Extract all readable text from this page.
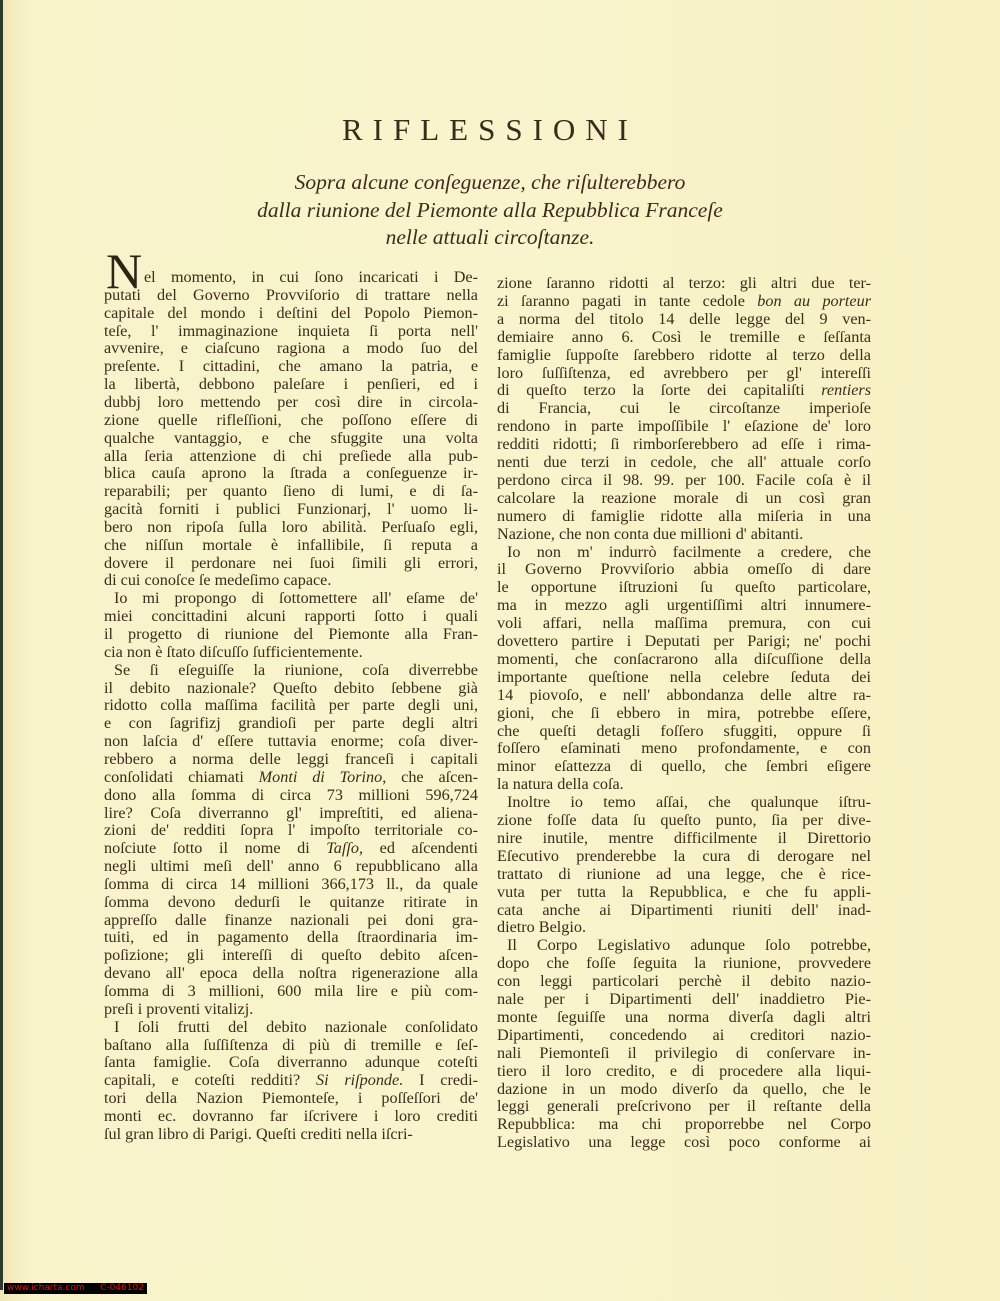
RIFLESSIONI
Sopra alcune conſeguenze, che riſulterebbero
dalla riunione del Piemonte alla Repubblica Franceſe
nelle attuali circoſtanze.
N el momento, in cui ſono incaricati i De-
putati del Governo Provviſorio di trattare nella
capitale del mondo i deſtini del Popolo Piemon-
teſe, l' immaginazione inquieta ſi porta nell'
avvenire, e ciaſcuno ragiona a modo ſuo del
preſente. I cittadini, che amano la patria, e
la libertà, debbono paleſare i penſieri, ed i
dubbj loro mettendo per così dire in circola-
zione quelle rifleſſioni, che poſſono eſſere di
qualche vantaggio, e che sfuggite una volta
alla ſeria attenzione di chi preſiede alla pub-
blica cauſa aprono la ſtrada a conſeguenze ir-
reparabili; per quanto ſieno di lumi, e di ſa-
gacità forniti i publici Funzionarj, l' uomo li-
bero non ripoſa ſulla loro abilità. Perſuaſo egli,
che niſſun mortale è infallibile, ſi reputa a
dovere il perdonare nei ſuoi ſimili gli errori,
di cui conoſce ſe medeſimo capace.
Io mi propongo di ſottomettere all' eſame de'
miei concittadini alcuni rapporti ſotto i quali
il progetto di riunione del Piemonte alla Fran-
cia non è ſtato diſcuſſo ſufficientemente.
Se ſi eſeguiſſe la riunione, coſa diverrebbe
il debito nazionale? Queſto debito ſebbene già
ridotto colla maſſima facilità per parte degli uni,
e con ſagrifizj grandioſi per parte degli altri
non laſcia d' eſſere tuttavia enorme; coſa diver-
rebbero a norma delle leggi franceſi i capitali
conſolidati chiamati Monti di Torino, che aſcen-
dono alla ſomma di circa 73 millioni 596,724
lire? Coſa diverranno gl' impreſtiti, ed aliena-
zioni de' redditi ſopra l' impoſto territoriale co-
noſciute ſotto il nome di Taſſo, ed aſcendenti
negli ultimi meſi dell' anno 6 repubblicano alla
ſomma di circa 14 millioni 366,173 ll., da quale
ſomma devono dedurſi le quitanze ritirate in
appreſſo dalle finanze nazionali pei doni gra-
tuiti, ed in pagamento della ſtraordinaria im-
poſizione; gli intereſſi di queſto debito aſcen-
devano all' epoca della noſtra rigenerazione alla
ſomma di 3 millioni, 600 mila lire e più com-
preſi i proventi vitalizj.
I ſoli frutti del debito nazionale conſolidato
baſtano alla ſuſſiſtenza di più di tremille e ſeſ-
ſanta famiglie. Coſa diverranno adunque coteſti
capitali, e coteſti redditi? Si riſponde. I credi-
tori della Nazion Piemonteſe, i poſſeſſori de'
monti ec. dovranno far iſcrivere i loro crediti
ſul gran libro di Parigi. Queſti crediti nella iſcri-
zione ſaranno ridotti al terzo: gli altri due ter-
zi ſaranno pagati in tante cedole bon au porteur
a norma del titolo 14 delle legge del 9 ven-
demiaire anno 6. Così le tremille e ſeſſanta
famiglie ſuppoſte ſarebbero ridotte al terzo della
loro ſuſſiſtenza, ed avrebbero per gl' intereſſi
di queſto terzo la ſorte dei capitaliſti rentiers
di Francia, cui le circoſtanze imperioſe
rendono in parte impoſſibile l' eſazione de' loro
redditi ridotti; ſi rimborſerebbero ad eſſe i rima-
nenti due terzi in cedole, che all' attuale corſo
perdono circa il 98. 99. per 100. Facile coſa è il
calcolare la reazione morale di un così gran
numero di famiglie ridotte alla miſeria in una
Nazione, che non conta due millioni d' abitanti.
Io non m' indurrò facilmente a credere, che
il Governo Provviſorio abbia omeſſo di dare
le opportune iſtruzioni ſu queſto particolare,
ma in mezzo agli urgentiſſimi altri innumere-
voli affari, nella maſſima premura, con cui
dovettero partire i Deputati per Parigi; ne' pochi
momenti, che conſacrarono alla diſcuſſione della
importante queſtione nella celebre ſeduta dei
14 piovoſo, e nell' abbondanza delle altre ra-
gioni, che ſi ebbero in mira, potrebbe eſſere,
che queſti detagli foſſero sfuggiti, oppure ſi
foſſero eſaminati meno profondamente, e con
minor eſattezza di quello, che ſembri eſigere
la natura della coſa.
Inoltre io temo aſſai, che qualunque iſtru-
zione foſſe data ſu queſto punto, ſia per dive-
nire inutile, mentre difficilmente il Direttorio
Eſecutivo prenderebbe la cura di derogare nel
trattato di riunione ad una legge, che è rice-
vuta per tutta la Repubblica, e che fu appli-
cata anche ai Dipartimenti riuniti dell' inad-
dietro Belgio.
Il Corpo Legislativo adunque ſolo potrebbe,
dopo che foſſe ſeguita la riunione, provvedere
con leggi particolari perchè il debito nazio-
nale per i Dipartimenti dell' inaddietro Pie-
monte ſeguiſſe una norma diverſa dagli altri
Dipartimenti, concedendo ai creditori nazio-
nali Piemonteſi il privilegio di conſervare in-
tiero il loro credito, e di procedere alla liqui-
dazione in un modo diverſo da quello, che le
leggi generali preſcrivono per il reſtante della
Repubblica: ma chi proporrebbe nel Corpo
Legislativo una legge così poco conforme ai
www.icharta.com C-046102
